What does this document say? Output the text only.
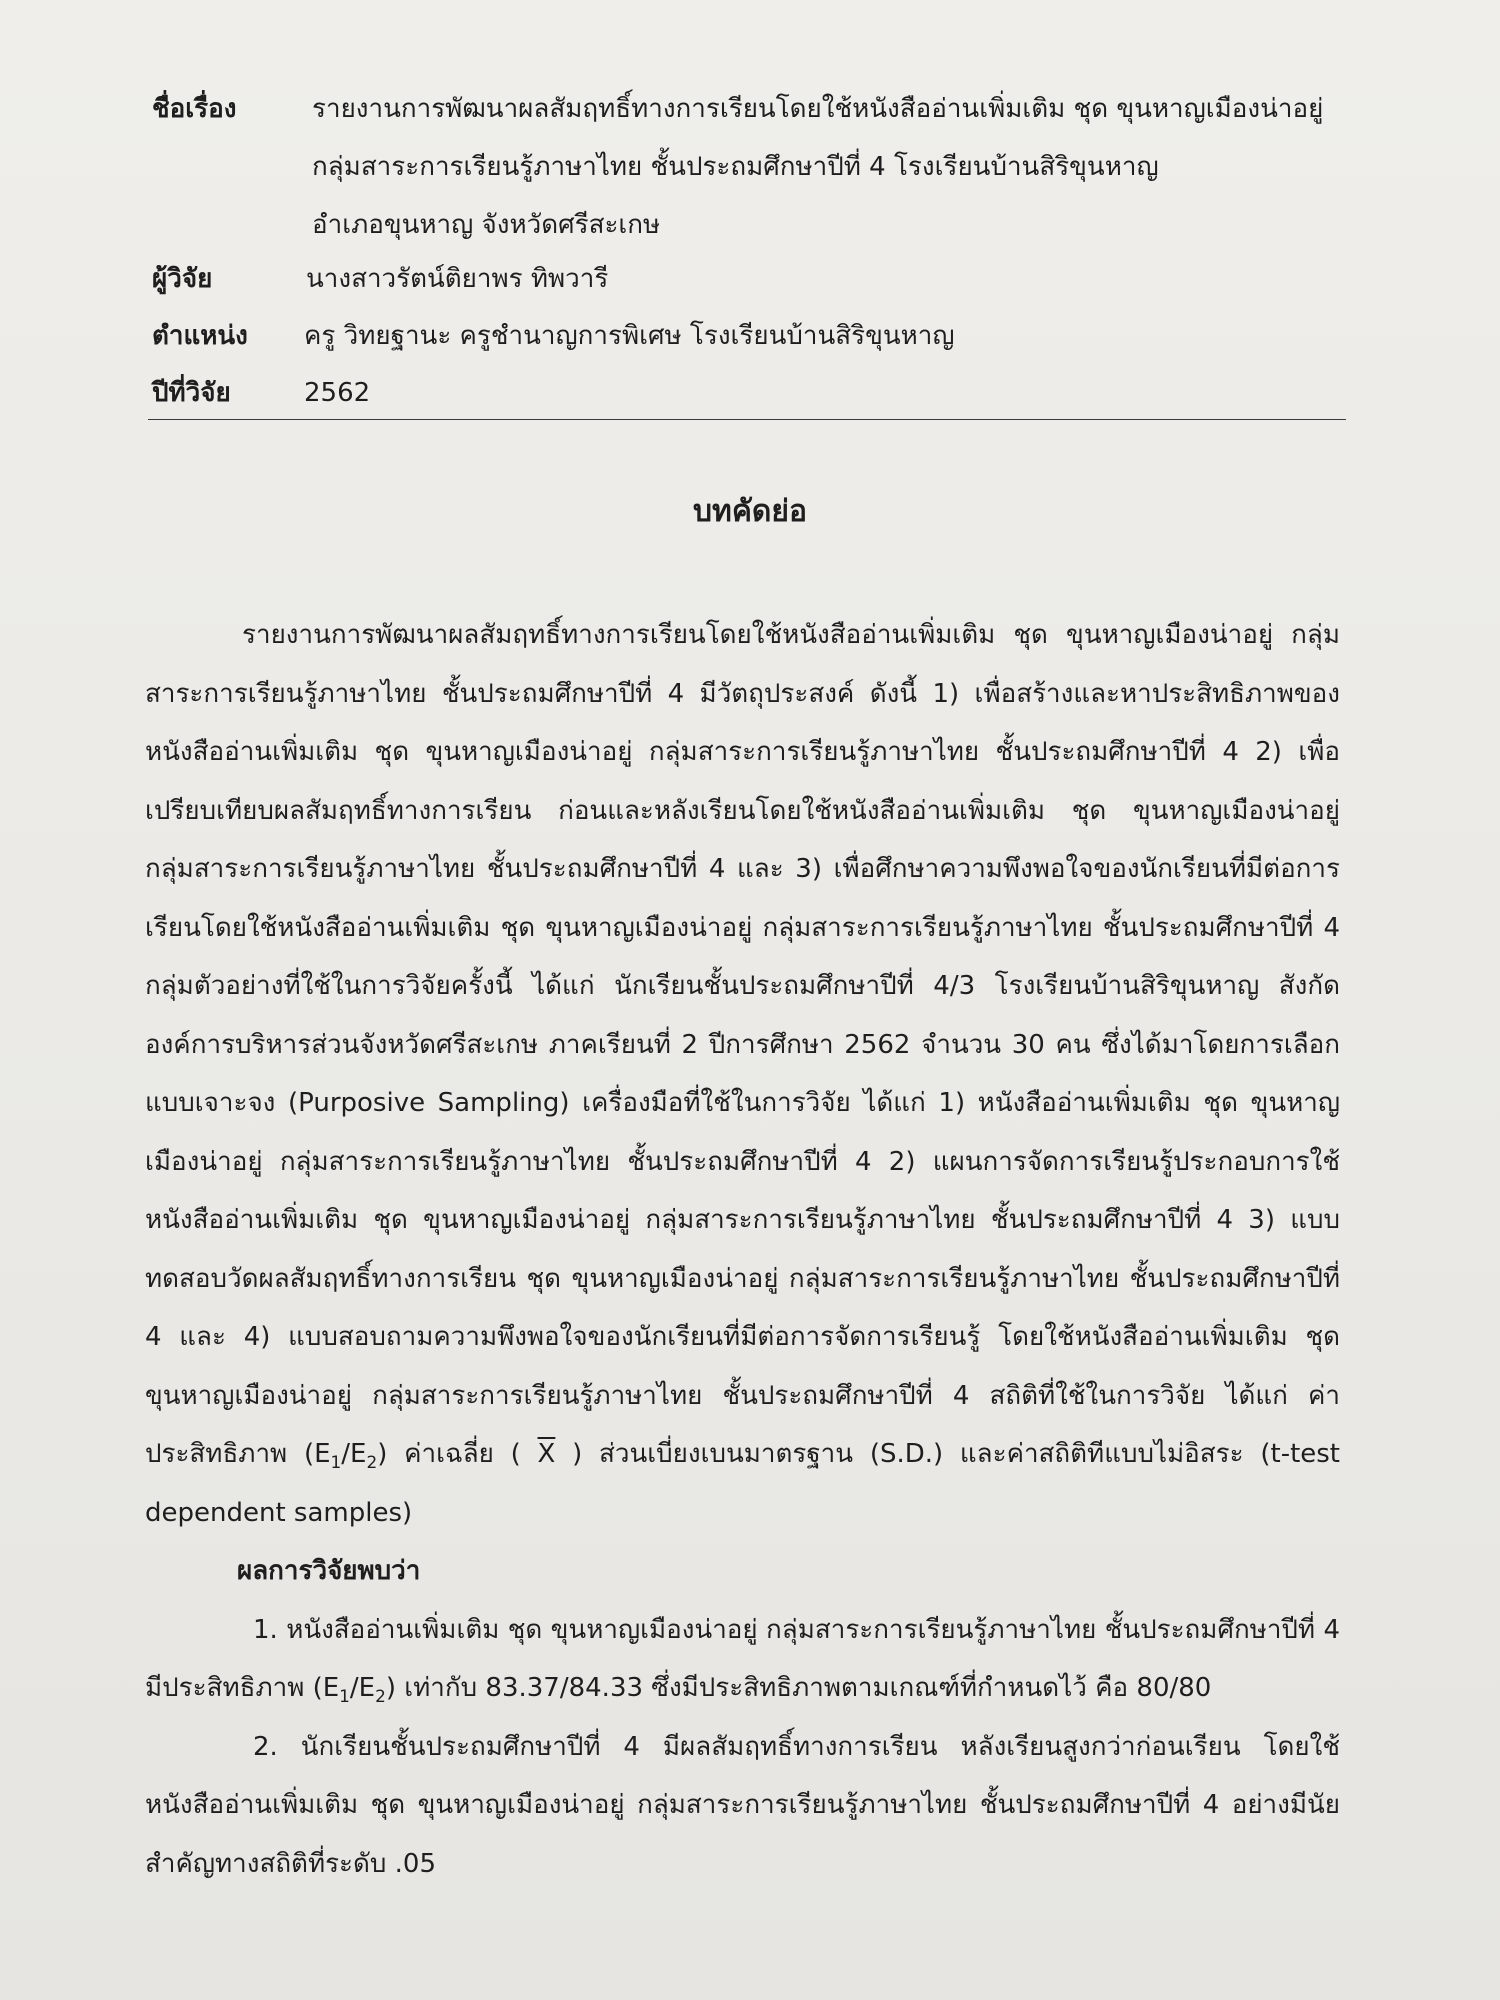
ชื่อเรื่อง	รายงานการพัฒนาผลสัมฤทธิ์ทางการเรียนโดยใช้หนังสืออ่านเพิ่มเติม ชุด ขุนหาญเมืองน่าอยู่
กลุ่มสาระการเรียนรู้ภาษาไทย ชั้นประถมศึกษาปีที่ 4 โรงเรียนบ้านสิริขุนหาญ
อำเภอขุนหาญ จังหวัดศรีสะเกษ
ผู้วิจัย	นางสาวรัตน์ติยาพร ทิพวารี
ตำแหน่ง ครู วิทยฐานะ ครูชำนาญการพิเศษ โรงเรียนบ้านสิริขุนหาญ
ปีที่วิจัย	2562
บทคัดย่อ

รายงานการพัฒนาผลสัมฤทธิ์ทางการเรียนโดยใช้หนังสืออ่านเพิ่มเติม ชุด ขุนหาญเมืองน่าอยู่ กลุ่มสาระการเรียนรู้ภาษาไทย ชั้นประถมศึกษาปีที่ 4 มีวัตถุประสงค์ ดังนี้ 1) เพื่อสร้างและหาประสิทธิภาพของหนังสืออ่านเพิ่มเติม ชุด ขุนหาญเมืองน่าอยู่ กลุ่มสาระการเรียนรู้ภาษาไทย ชั้นประถมศึกษาปีที่ 4 2) เพื่อเปรียบเทียบผลสัมฤทธิ์ทางการเรียน ก่อนและหลังเรียนโดยใช้หนังสืออ่านเพิ่มเติม ชุด ขุนหาญเมืองน่าอยู่ กลุ่มสาระการเรียนรู้ภาษาไทย ชั้นประถมศึกษาปีที่ 4 และ 3) เพื่อศึกษาความพึงพอใจของนักเรียนที่มีต่อการเรียนโดยใช้หนังสืออ่านเพิ่มเติม ชุด ขุนหาญเมืองน่าอยู่ กลุ่มสาระการเรียนรู้ภาษาไทย ชั้นประถมศึกษาปีที่ 4 กลุ่มตัวอย่างที่ใช้ในการวิจัยครั้งนี้ ได้แก่ นักเรียนชั้นประถมศึกษาปีที่ 4/3 โรงเรียนบ้านสิริขุนหาญ สังกัดองค์การบริหารส่วนจังหวัดศรีสะเกษ ภาคเรียนที่ 2 ปีการศึกษา 2562 จำนวน 30 คน ซึ่งได้มาโดยการเลือกแบบเจาะจง (Purposive Sampling) เครื่องมือที่ใช้ในการวิจัย ได้แก่ 1) หนังสืออ่านเพิ่มเติม ชุด ขุนหาญเมืองน่าอยู่ กลุ่มสาระการเรียนรู้ภาษาไทย ชั้นประถมศึกษาปีที่ 4 2) แผนการจัดการเรียนรู้ประกอบการใช้หนังสืออ่านเพิ่มเติม ชุด ขุนหาญเมืองน่าอยู่ กลุ่มสาระการเรียนรู้ภาษาไทย ชั้นประถมศึกษาปีที่ 4 3) แบบทดสอบวัดผลสัมฤทธิ์ทางการเรียน ชุด ขุนหาญเมืองน่าอยู่ กลุ่มสาระการเรียนรู้ภาษาไทย ชั้นประถมศึกษาปีที่ 4 และ 4) แบบสอบถามความพึงพอใจของนักเรียนที่มีต่อการจัดการเรียนรู้ โดยใช้หนังสืออ่านเพิ่มเติม ชุด ขุนหาญเมืองน่าอยู่ กลุ่มสาระการเรียนรู้ภาษาไทย ชั้นประถมศึกษาปีที่ 4 สถิติที่ใช้ในการวิจัย ได้แก่ ค่าประสิทธิภาพ $(E_1/E_2)$ ค่าเฉลี่ย ( $\overline{X}$ ) ส่วนเบี่ยงเบนมาตรฐาน (S.D.) และค่าสถิติทีแบบไม่อิสระ (t-test dependent samples)

ผลการวิจัยพบว่า

1. หนังสืออ่านเพิ่มเติม ชุด ขุนหาญเมืองน่าอยู่ กลุ่มสาระการเรียนรู้ภาษาไทย ชั้นประถมศึกษาปีที่ 4 มีประสิทธิภาพ $(E_1/E_2)$ เท่ากับ 83.37/84.33 ซึ่งมีประสิทธิภาพตามเกณฑ์ที่กำหนดไว้ คือ 80/80

2. นักเรียนชั้นประถมศึกษาปีที่ 4 มีผลสัมฤทธิ์ทางการเรียน หลังเรียนสูงกว่าก่อนเรียน โดยใช้หนังสืออ่านเพิ่มเติม ชุด ขุนหาญเมืองน่าอยู่ กลุ่มสาระการเรียนรู้ภาษาไทย ชั้นประถมศึกษาปีที่ 4 อย่างมีนัยสำคัญทางสถิติที่ระดับ .05
